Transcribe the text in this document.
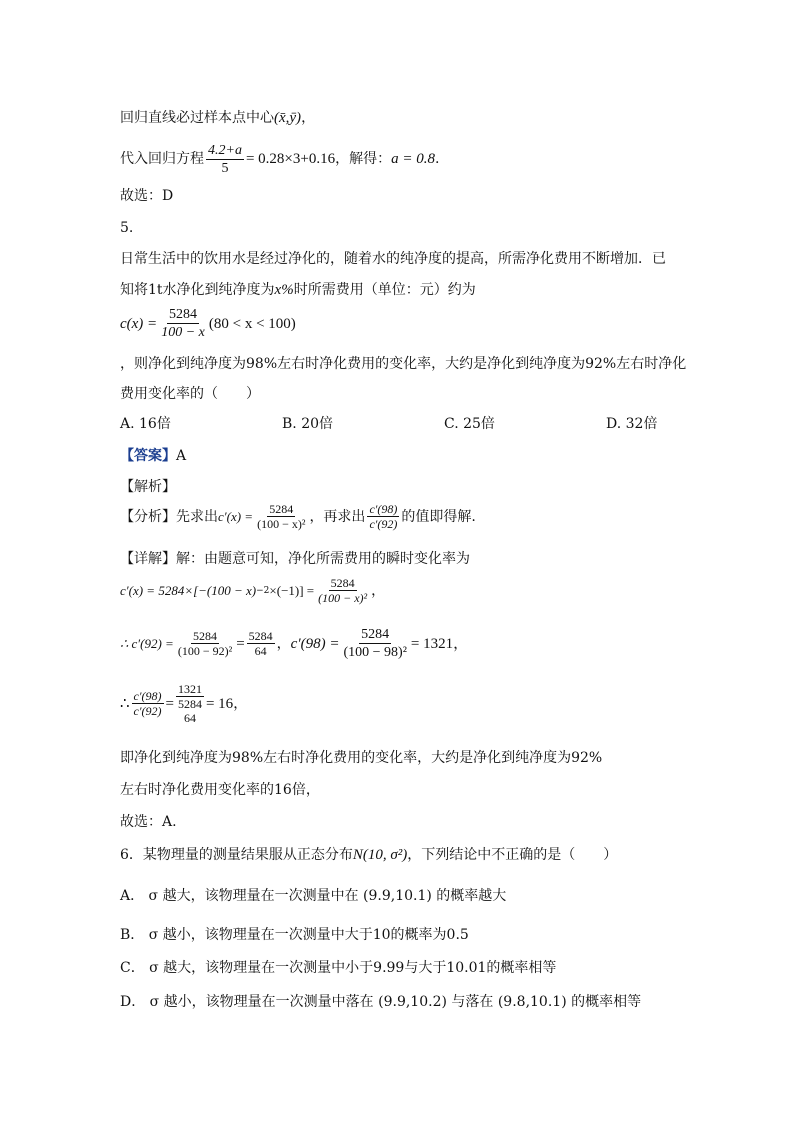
回归直线必过样本点中心(x̄,ȳ)，
代入回归方程 $\frac{4.2+a}{5} = 0.28\times 3+0.16$ ，解得： a = 0.8 .
故选：D
5.
日常生活中的饮用水是经过净化的，随着水的纯净度的提高，所需净化费用不断增加．已
知将1t水净化到纯净度为x%时所需费用（单位：元）约为
$c(x) = \frac{5284}{100 - x} (80 < x < 100)$
，则净化到纯净度为98%左右时净化费用的变化率，大约是净化到纯净度为92%左右时净化
费用变化率的（　　）
A. 16倍	B. 20倍	C. 25倍	D. 32倍
【答案】A
【解析】
【分析】 先求出 $c'(x) = \frac{5284}{\text{(100 − x)²}}$ ，再求出 $\frac{c'(98)}{c'(92)}$ 的值即得解.
【详解】解：由题意可知，净化所需费用的瞬时变化率为
$c'(x) = 5284\times[-(100 - x) -2 \times(-1)] = \frac{5284}{\text{(100 − x)²}}$ ，
∴ $c'(92) = \frac{5284}{\text{(100 − 92)²}} = \frac{5284}{64}$ ， $c'(98) = \frac{5284}{\text{(100 − 98)²}} = 1321$，
∴ $\frac{c'(98)}{c'(92)} = 1321$
5284
64 = 16 ，
即净化到纯净度为98%左右时净化费用的变化率，大约是净化到纯净度为92%
左右时净化费用变化率的16倍，
故选：A.
6．某物理量的测量结果服从正态分布N(10, σ²)，下列结论中不正确的是（　　）
A． σ 越大，该物理量在一次测量中在 (9.9,10.1) 的概率越大
B． σ 越小，该物理量在一次测量中大于10的概率为0.5
C． σ 越大，该物理量在一次测量中小于9.99与大于10.01的概率相等
D． σ 越小，该物理量在一次测量中落在 (9.9,10.2) 与落在 (9.8,10.1) 的概率相等
